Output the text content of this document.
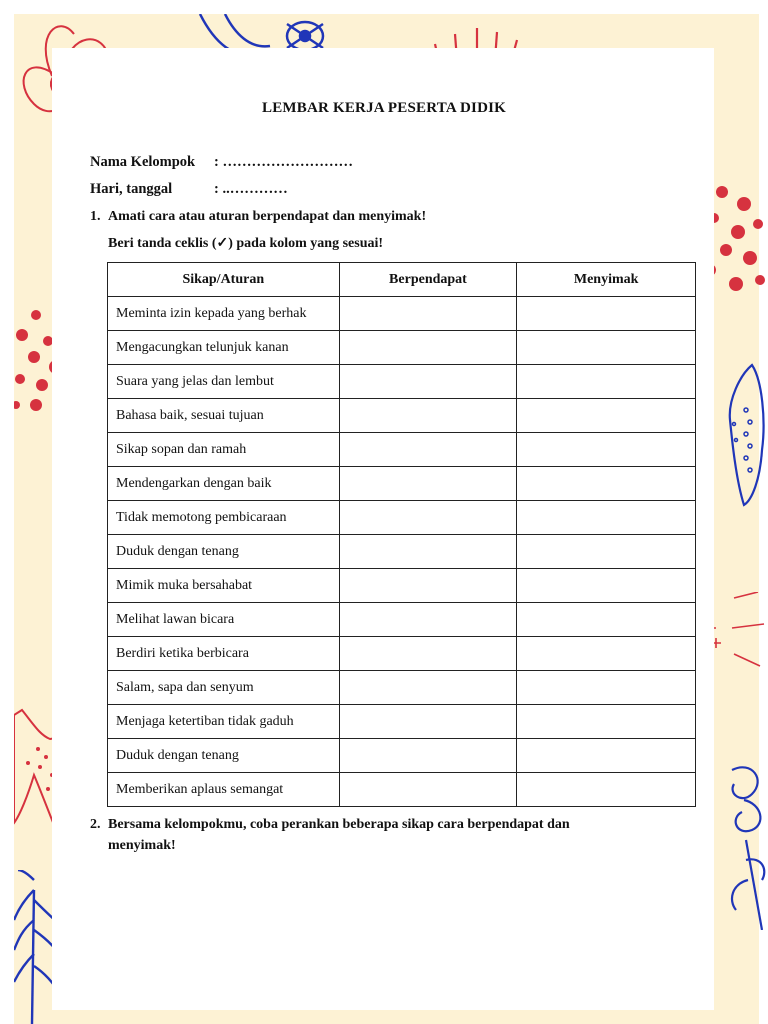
LEMBAR KERJA PESERTA DIDIK
Nama Kelompok : ………………………
Hari, tanggal	: ..…………
1. Amati cara atau aturan berpendapat dan menyimak!
Beri tanda ceklis (✓) pada kolom yang sesuai!
Sikap/Aturan	Berpendapat	Menyimak
Meminta izin kepada yang berhak		
Mengacungkan telunjuk kanan		
Suara yang jelas dan lembut		
Bahasa baik, sesuai tujuan		
Sikap sopan dan ramah		
Mendengarkan dengan baik		
Tidak memotong pembicaraan		
Duduk dengan tenang		
Mimik muka bersahabat		
Melihat lawan bicara		
Berdiri ketika berbicara		
Salam, sapa dan senyum		
Menjaga ketertiban tidak gaduh		
Duduk dengan tenang		
Memberikan aplaus semangat		
2. Bersama kelompokmu, coba perankan beberapa sikap cara berpendapat dan
menyimak!
